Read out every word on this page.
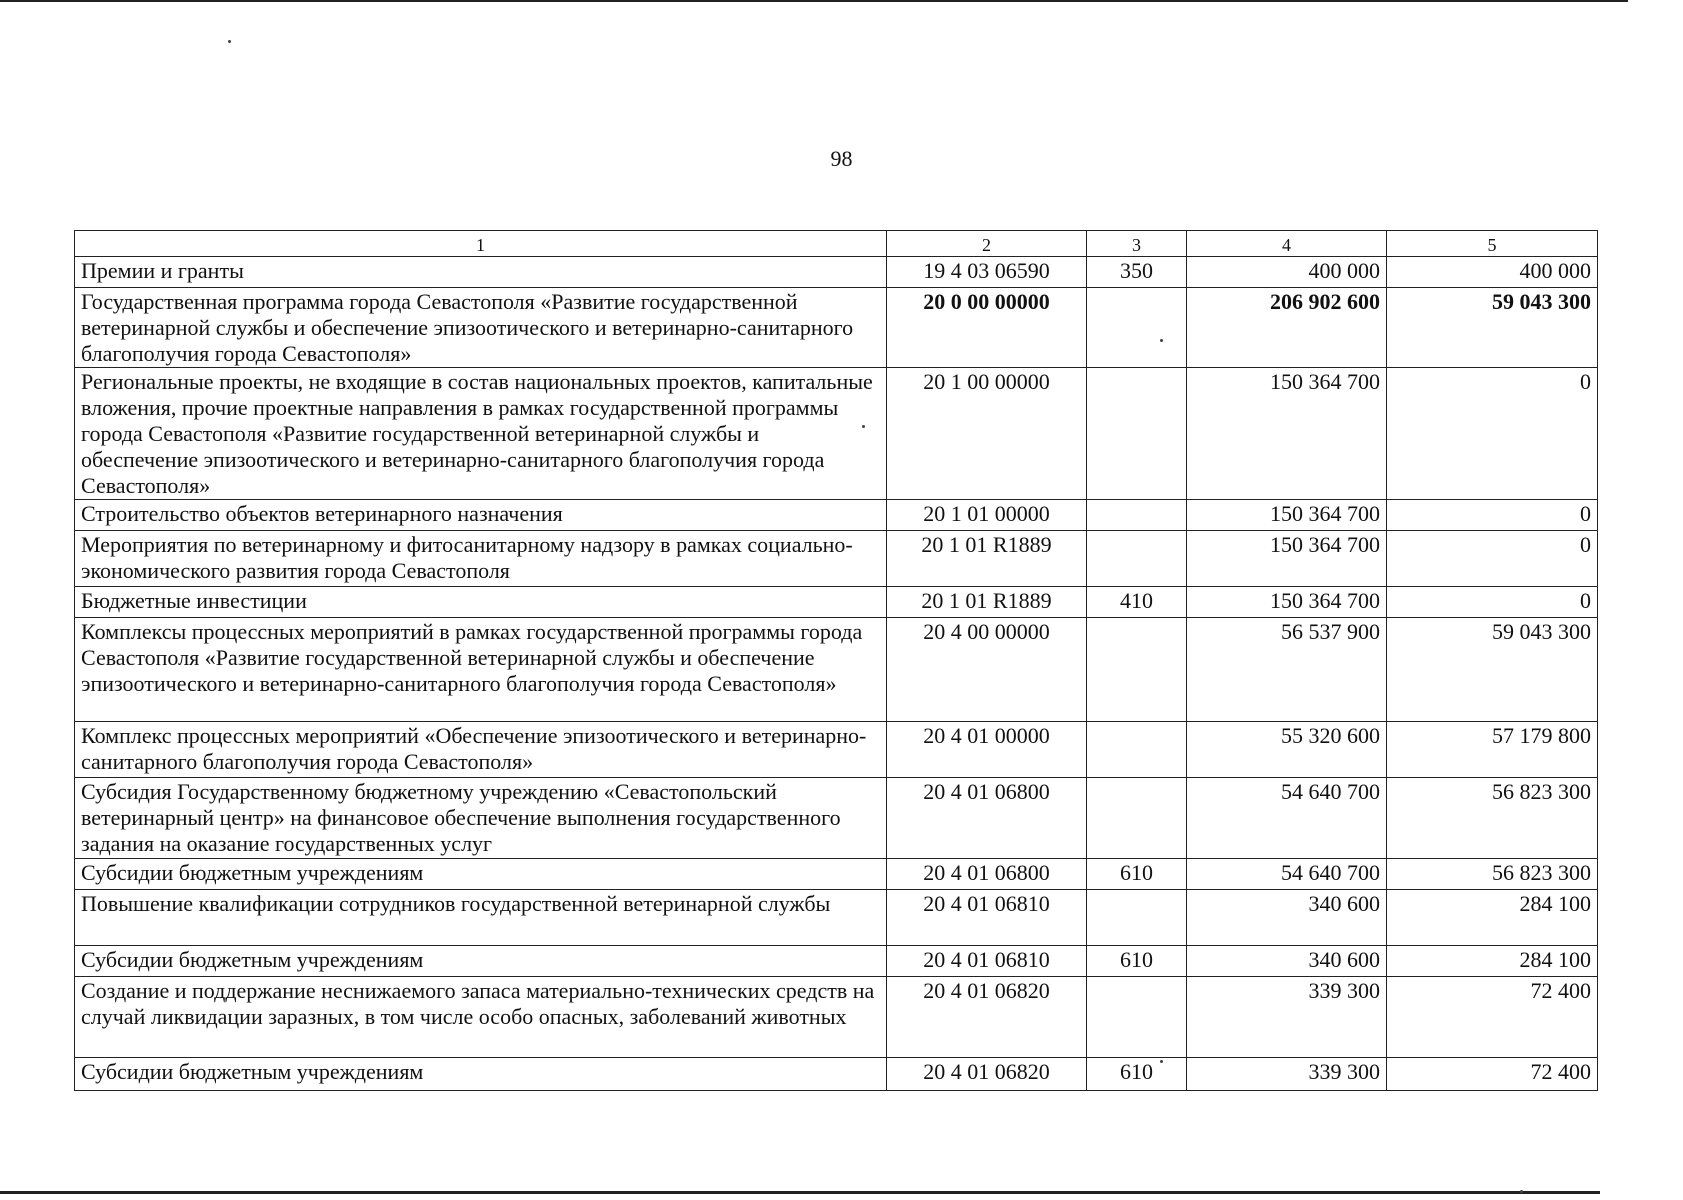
98
1	2	3	4	5
Премии и гранты	19 4 03 06590	350	400 000	400 000
Государственная программа города Севастополя «Развитие государственной ветеринарной службы и обеспечение эпизоотического и ветеринарно-санитарного благополучия города Севастополя»	20 0 00 00000		206 902 600	59 043 300
Региональные проекты, не входящие в состав национальных проектов, капитальные вложения, прочие проектные направления в рамках государственной программы города Севастополя «Развитие государственной ветеринарной службы и обеспечение эпизоотического и ветеринарно-санитарного благополучия города Севастополя»	20 1 00 00000		150 364 700	0
Строительство объектов ветеринарного назначения	20 1 01 00000		150 364 700	0
Мероприятия по ветеринарному и фитосанитарному надзору в рамках социально-экономического развития города Севастополя	20 1 01 R1889		150 364 700	0
Бюджетные инвестиции	20 1 01 R1889	410	150 364 700	0
Комплексы процессных мероприятий в рамках государственной программы города Севастополя «Развитие государственной ветеринарной службы и обеспечение эпизоотического и ветеринарно-санитарного благополучия города Севастополя»	20 4 00 00000		56 537 900	59 043 300
Комплекс процессных мероприятий «Обеспечение эпизоотического и ветеринарно-санитарного благополучия города Севастополя»	20 4 01 00000		55 320 600	57 179 800
Субсидия Государственному бюджетному учреждению «Севастопольский ветеринарный центр» на финансовое обеспечение выполнения государственного задания на оказание государственных услуг	20 4 01 06800		54 640 700	56 823 300
Субсидии бюджетным учреждениям	20 4 01 06800	610	54 640 700	56 823 300
Повышение квалификации сотрудников государственной ветеринарной службы	20 4 01 06810		340 600	284 100
Субсидии бюджетным учреждениям	20 4 01 06810	610	340 600	284 100
Создание и поддержание неснижаемого запаса материально-технических средств на случай ликвидации заразных, в том числе особо опасных, заболеваний животных	20 4 01 06820		339 300	72 400
Субсидии бюджетным учреждениям	20 4 01 06820	610	339 300	72 400
